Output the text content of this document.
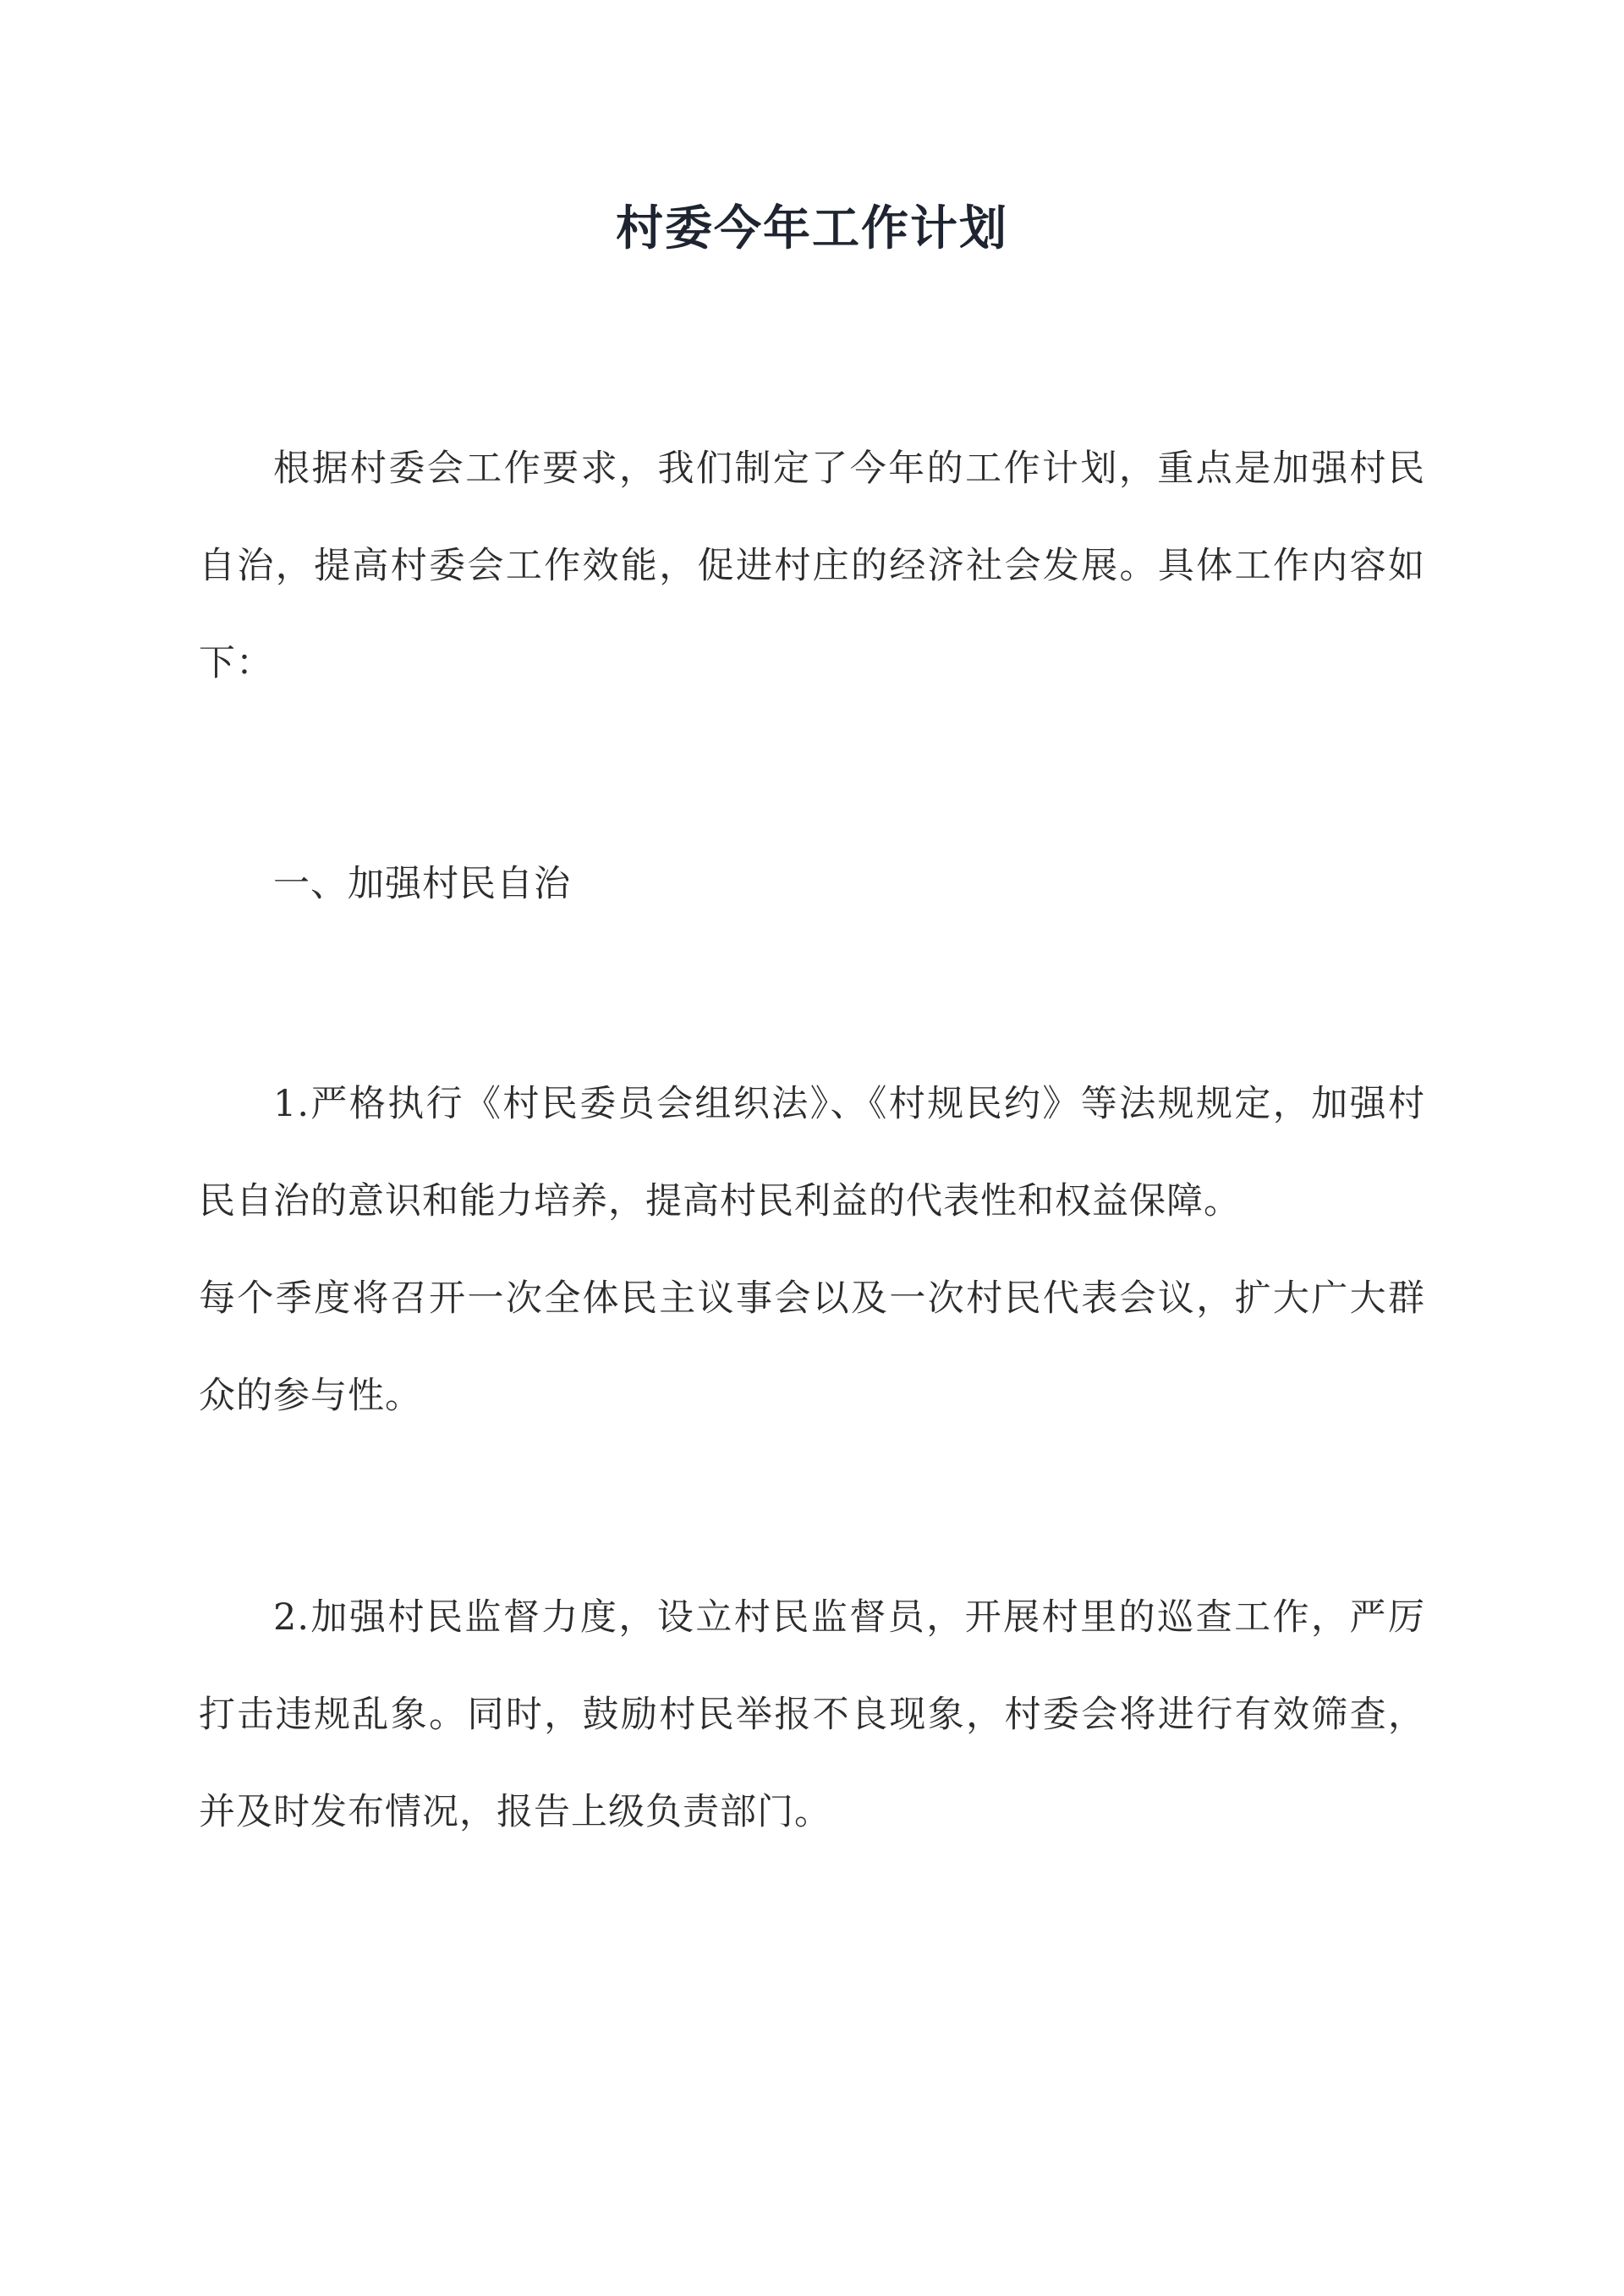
村委今年工作计划
根据村委会工作要求，我们制定了今年的工作计划，重点是加强村民自治，提高村委会工作效能，促进村庄的经济社会发展。具体工作内容如下：
一、加强村民自治
1.严格执行《村民委员会组织法》、《村规民约》等法规规定，加强村民自治的意识和能力培养，提高村民利益的代表性和权益保障。
每个季度将召开一次全体民主议事会以及一次村民代表会议，扩大广大群众的参与性。
2.加强村民监督力度，设立村民监督员，开展村里的巡查工作，严厉打击违规乱象。同时，鼓励村民举报不良现象，村委会将进行有效筛查，并及时发布情况，报告上级负责部门。
